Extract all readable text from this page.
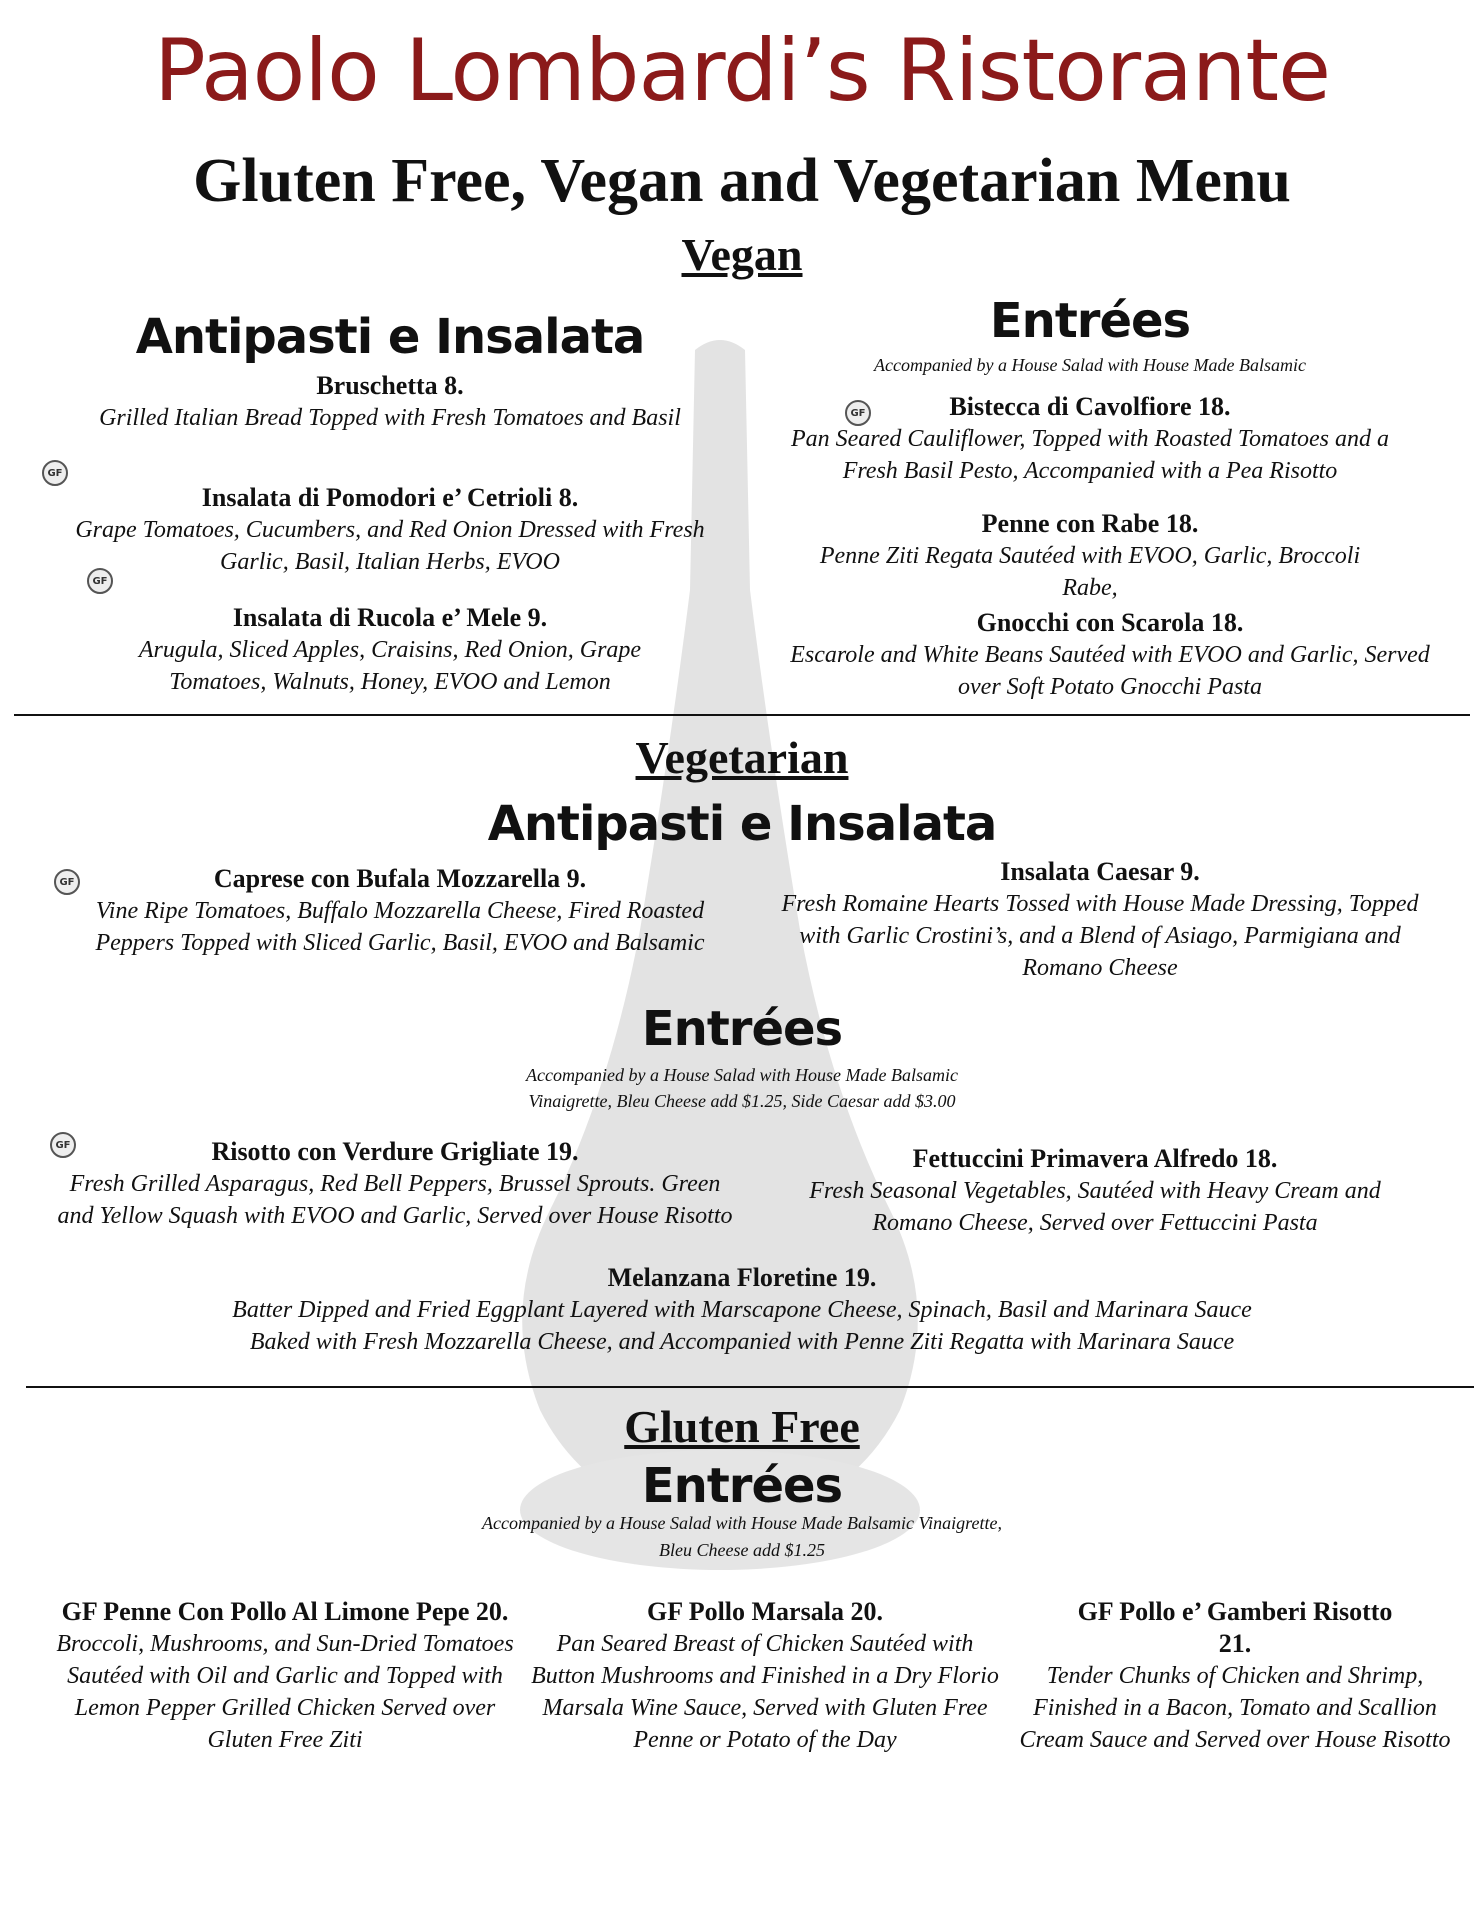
Paolo Lombardi’s Ristorante
Gluten Free, Vegan and Vegetarian Menu
Vegan
Antipasti e Insalata
Bruschetta 8.
Grilled Italian Bread Topped with Fresh Tomatoes and Basil
GF
Insalata di Pomodori e’ Cetrioli 8.
Grape Tomatoes, Cucumbers, and Red Onion Dressed with Fresh Garlic, Basil, Italian Herbs, EVOO
GF
Insalata di Rucola e’ Mele 9.
Arugula, Sliced Apples, Craisins, Red Onion, Grape Tomatoes, Walnuts, Honey, EVOO and Lemon
Entrées
Accompanied by a House Salad with House Made Balsamic
GF	Bistecca di Cavolfiore 18.
Pan Seared Cauliflower, Topped with Roasted Tomatoes and a Fresh Basil Pesto, Accompanied with a Pea Risotto
Penne con Rabe 18.
Penne Ziti Regata Sautéed with EVOO, Garlic, Broccoli Rabe,
Gnocchi con Scarola 18.
Escarole and White Beans Sautéed with EVOO and Garlic, Served over Soft Potato Gnocchi Pasta
Vegetarian
Antipasti e Insalata
GF	Caprese con Bufala Mozzarella 9.
Vine Ripe Tomatoes, Buffalo Mozzarella Cheese, Fired Roasted Peppers Topped with Sliced Garlic, Basil, EVOO and Balsamic
Insalata Caesar 9.
Fresh Romaine Hearts Tossed with House Made Dressing, Topped with Garlic Crostini’s, and a Blend of Asiago, Parmigiana and Romano Cheese
Entrées
Accompanied by a House Salad with House Made Balsamic
Vinaigrette, Bleu Cheese add $1.25, Side Caesar add $3.00
GF	Risotto con Verdure Grigliate 19.
Fresh Grilled Asparagus, Red Bell Peppers, Brussel Sprouts. Green and Yellow Squash with EVOO and Garlic, Served over House Risotto
Fettuccini Primavera Alfredo 18.
Fresh Seasonal Vegetables, Sautéed with Heavy Cream and Romano Cheese, Served over Fettuccini Pasta
Melanzana Floretine 19.
Batter Dipped and Fried Eggplant Layered with Marscapone Cheese, Spinach, Basil and Marinara Sauce
Baked with Fresh Mozzarella Cheese, and Accompanied with Penne Ziti Regatta with Marinara Sauce
Gluten Free
Entrées
Accompanied by a House Salad with House Made Balsamic Vinaigrette,
Bleu Cheese add $1.25
GF Penne Con Pollo Al Limone Pepe 20.
Broccoli, Mushrooms, and Sun-Dried Tomatoes Sautéed with Oil and Garlic and Topped with Lemon Pepper Grilled Chicken Served over Gluten Free Ziti
GF Pollo Marsala 20.
Pan Seared Breast of Chicken Sautéed with Button Mushrooms and Finished in a Dry Florio Marsala Wine Sauce, Served with Gluten Free Penne or Potato of the Day
GF Pollo e’ Gamberi Risotto 21.
Tender Chunks of Chicken and Shrimp, Finished in a Bacon, Tomato and Scallion Cream Sauce and Served over House Risotto
